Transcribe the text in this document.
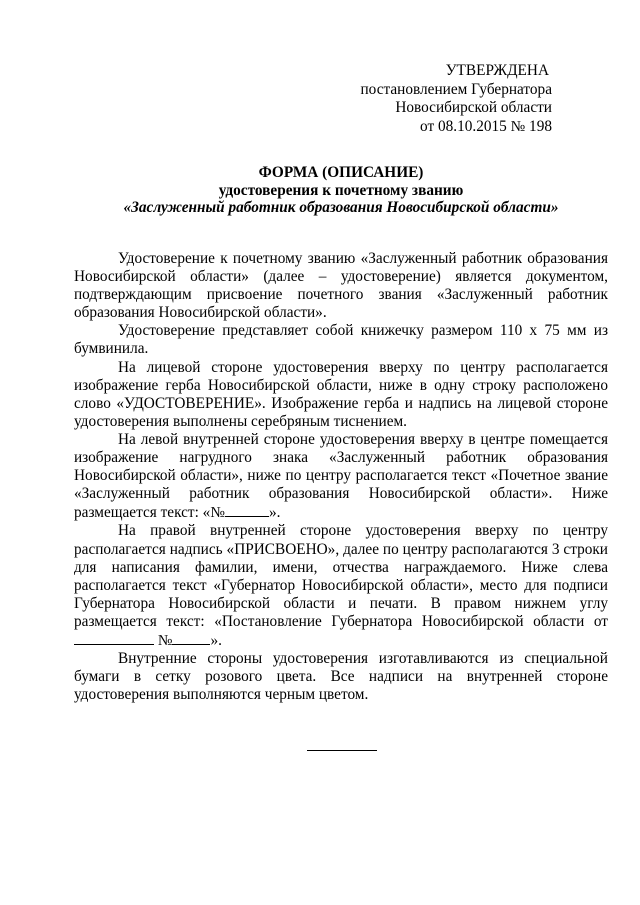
УТВЕРЖДЕНА
постановлением Губернатора
Новосибирской области
от 08.10.2015 № 198
ФОРМА (ОПИСАНИЕ)
удостоверения к почетному званию
«Заслуженный работник образования Новосибирской области»

Удостоверение к почетному званию «Заслуженный работник образования Новосибирской области» (далее – удостоверение) является документом, подтверждающим присвоение почетного звания «Заслуженный работник образования Новосибирской области».

Удостоверение представляет собой книжечку размером 110 х 75 мм из бумвинила.

На лицевой стороне удостоверения вверху по центру располагается изображение герба Новосибирской области, ниже в одну строку расположено слово «УДОСТОВЕРЕНИЕ». Изображение герба и надпись на лицевой стороне удостоверения выполнены серебряным тиснением.

На левой внутренней стороне удостоверения вверху в центре помещается изображение нагрудного знака «Заслуженный работник образования Новосибирской области», ниже по центру располагается текст «Почетное звание «Заслуженный работник образования Новосибирской области». Ниже размещается текст: «№	».

На правой внутренней стороне удостоверения вверху по центру располагается надпись «ПРИСВОЕНО», далее по центру располагаются 3 строки для написания фамилии, имени, отчества награждаемого. Ниже слева располагается текст «Губернатор Новосибирской области», место для подписи Губернатора Новосибирской области и печати. В правом нижнем углу размещается текст: «Постановление Губернатора Новосибирской области от  № ».

Внутренние стороны удостоверения изготавливаются из специальной бумаги в сетку розового цвета. Все надписи на внутренней стороне удостоверения выполняются черным цветом.
